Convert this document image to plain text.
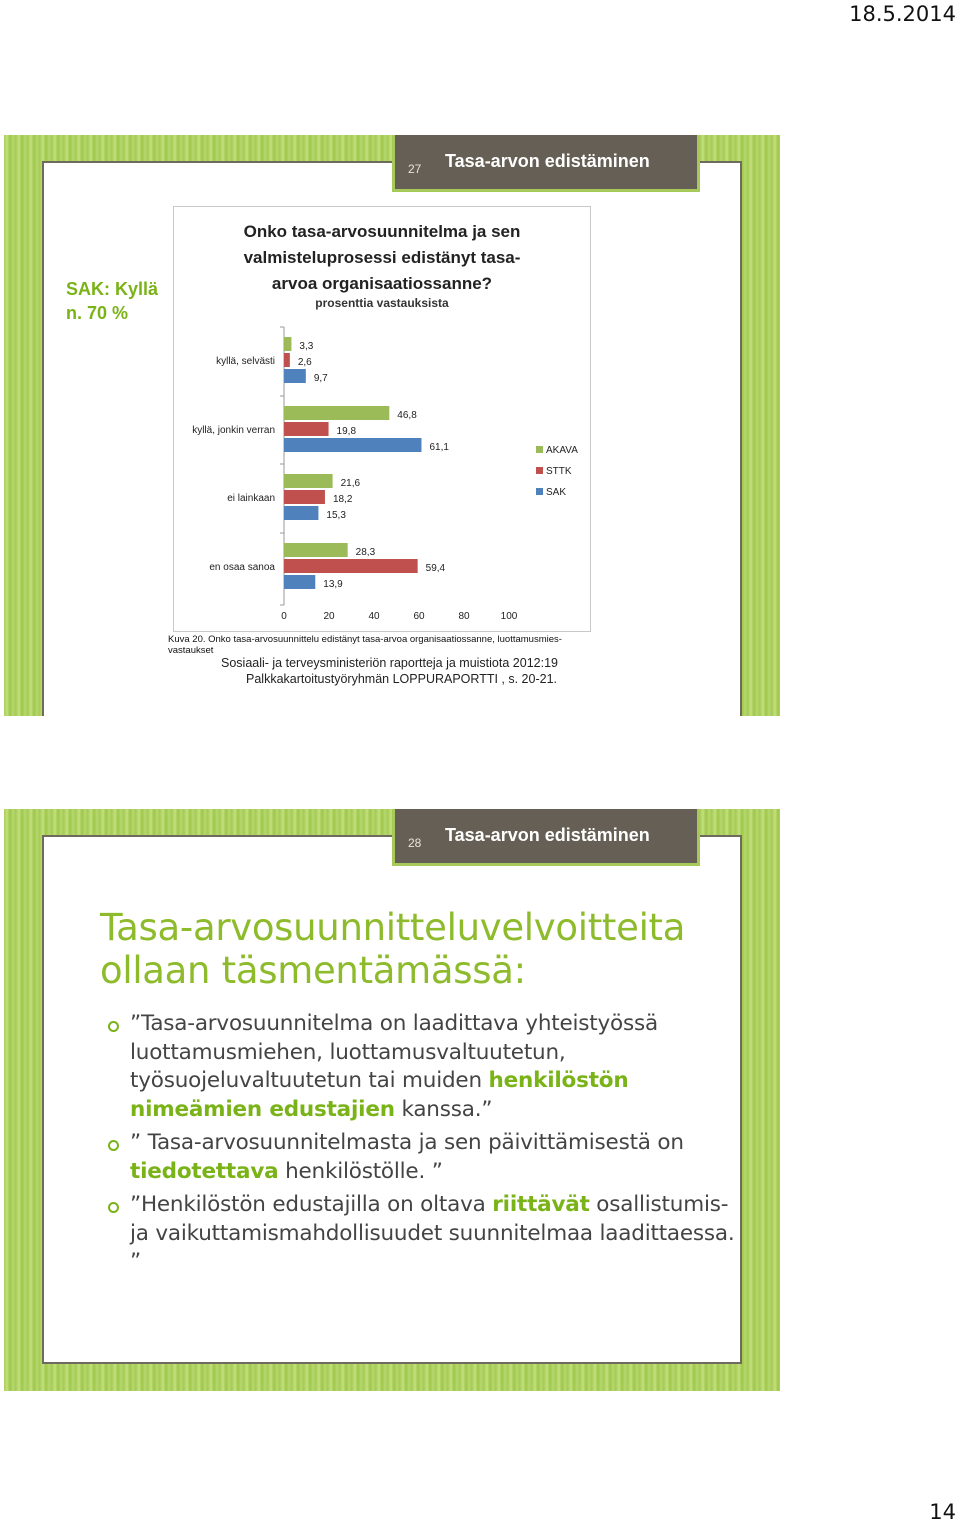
18.5.2014
27 Tasa-arvon edistäminen
SAK: Kyllä
n. 70 %
Onko tasa-arvosuunnitelma ja sen
valmisteluprosessi edistänyt tasa-
arvoa organisaatiossanne?
prosenttia vastauksista
kyllä, selvästi
3,3
2,6
9,7
kyllä, jonkin verran
46,8
19,8
61,1
ei lainkaan
21,6
18,2
15,3
en osaa sanoa
28,3
59,4
13,9
0	20	40	60	80	100
AKAVA
STTK
SAK
Kuva 20. Onko tasa-arvosuunnittelu edistänyt tasa-arvoa organisaatiossanne, luottamusmies-
vastaukset
Sosiaali- ja terveysministeriön raportteja ja muistiota 2012:19
Palkkakartoitustyöryhmän LOPPURAPORTTI , s. 20-21.
28 Tasa-arvon edistäminen
Tasa-arvosuunnitteluvelvoitteita
ollaan täsmentämässä:
”Tasa-arvosuunnitelma on laadittava yhteistyössä luottamusmiehen, luottamusvaltuutetun, työsuojeluvaltuutetun tai muiden henkilöstön nimeämien edustajien kanssa.”
” Tasa-arvosuunnitelmasta ja sen päivittämisestä on tiedotettava henkilöstölle. ”
”Henkilöstön edustajilla on oltava riittävät osallistumis- ja vaikuttamismahdollisuudet suunnitelmaa laadittaessa. ”
14
